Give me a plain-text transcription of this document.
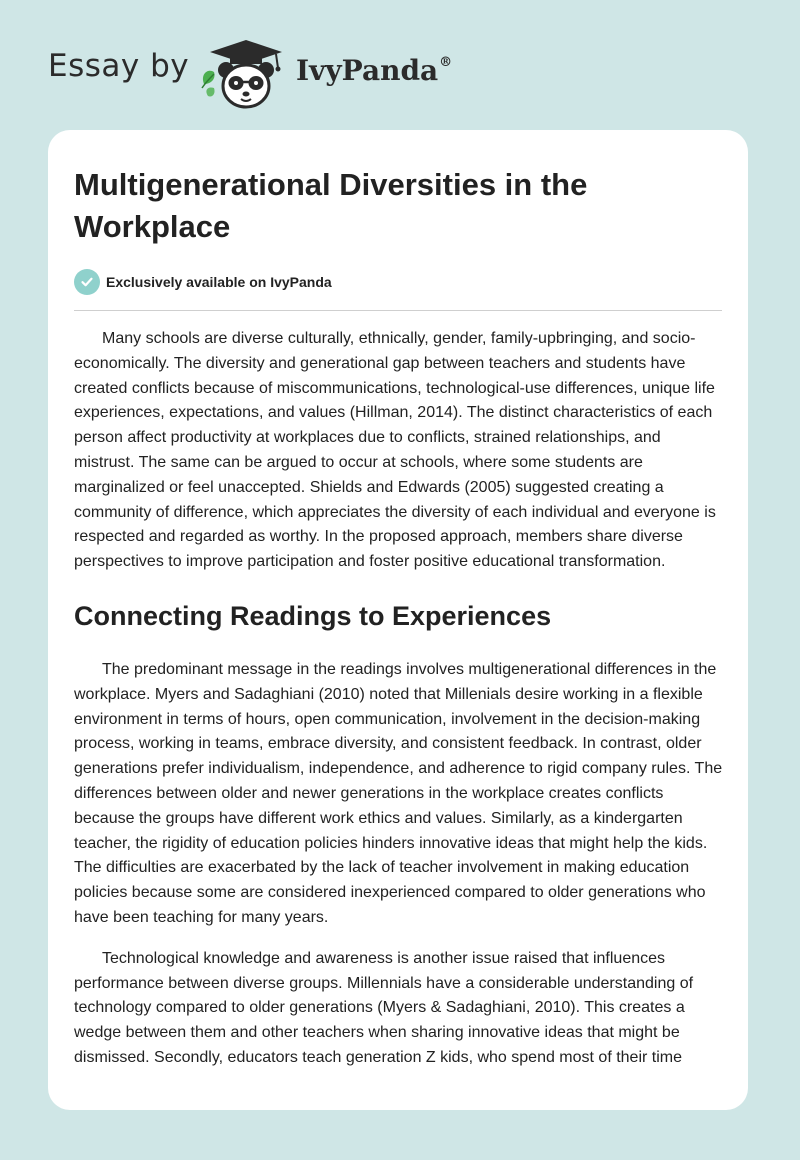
Essay by	IvyPanda®
Multigenerational Diversities in the Workplace
Exclusively available on IvyPanda

Many schools are diverse culturally, ethnically, gender, family-upbringing, and socio-economically. The diversity and generational gap between teachers and students have created conflicts because of miscommunications, technological-use differences, unique life experiences, expectations, and values (Hillman, 2014). The distinct characteristics of each person affect productivity at workplaces due to conflicts, strained relationships, and mistrust. The same can be argued to occur at schools, where some students are marginalized or feel unaccepted. Shields and Edwards (2005) suggested creating a community of difference, which appreciates the diversity of each individual and everyone is respected and regarded as worthy. In the proposed approach, members share diverse perspectives to improve participation and foster positive educational transformation.

Connecting Readings to Experiences

The predominant message in the readings involves multigenerational differences in the workplace. Myers and Sadaghiani (2010) noted that Millenials desire working in a flexible environment in terms of hours, open communication, involvement in the decision-making process, working in teams, embrace diversity, and consistent feedback. In contrast, older generations prefer individualism, independence, and adherence to rigid company rules. The differences between older and newer generations in the workplace creates conflicts because the groups have different work ethics and values. Similarly, as a kindergarten teacher, the rigidity of education policies hinders innovative ideas that might help the kids. The difficulties are exacerbated by the lack of teacher involvement in making education policies because some are considered inexperienced compared to older generations who have been teaching for many years.

Technological knowledge and awareness is another issue raised that influences performance between diverse groups. Millennials have a considerable understanding of technology compared to older generations (Myers & Sadaghiani, 2010). This creates a wedge between them and other teachers when sharing innovative ideas that might be dismissed. Secondly, educators teach generation Z kids, who spend most of their time
